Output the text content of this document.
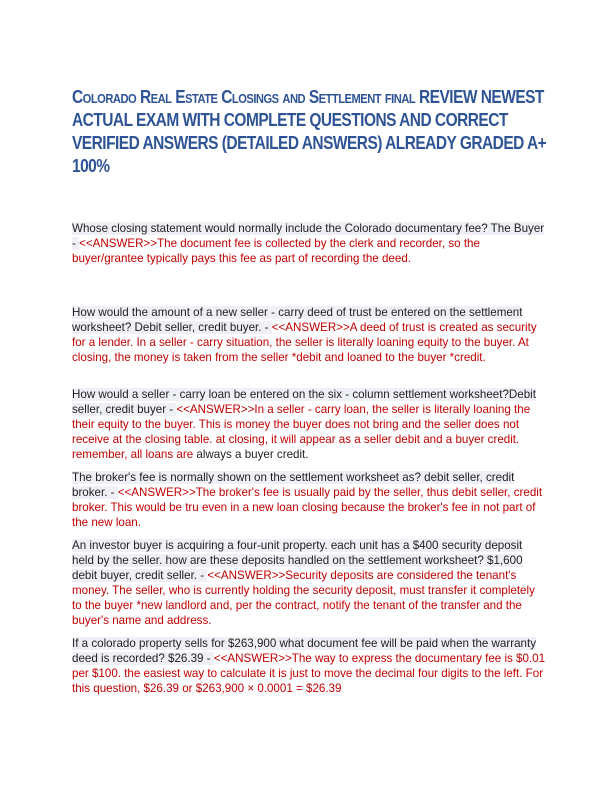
Colorado Real Estate Closings and Settlement final REVIEW NEWEST ACTUAL EXAM WITH COMPLETE QUESTIONS AND CORRECT VERIFIED ANSWERS (DETAILED ANSWERS) ALREADY GRADED A+ 100%
Whose closing statement would normally include the Colorado documentary fee? The Buyer - <<ANSWER>>The document fee is collected by the clerk and recorder, so the buyer/grantee typically pays this fee as part of recording the deed.
How would the amount of a new seller - carry deed of trust be entered on the settlement worksheet? Debit seller, credit buyer. - <<ANSWER>>A deed of trust is created as security for a lender. In a seller - carry situation, the seller is literally loaning equity to the buyer. At closing, the money is taken from the seller *debit and loaned to the buyer *credit.
How would a seller - carry loan be entered on the six - column settlement worksheet?Debit seller, credit buyer - <<ANSWER>>In a seller - carry loan, the seller is literally loaning the their equity to the buyer. This is money the buyer does not bring and the seller does not receive at the closing table. at closing, it will appear as a seller debit and a buyer credit. remember, all loans are always a buyer credit.
The broker's fee is normally shown on the settlement worksheet as? debit seller, credit broker. - <<ANSWER>>The broker's fee is usually paid by the seller, thus debit seller, credit broker. This would be tru even in a new loan closing because the broker's fee in not part of the new loan.
An investor buyer is acquiring a four-unit property. each unit has a $400 security deposit held by the seller. how are these deposits handled on the settlement worksheet? $1,600 debit buyer, credit seller. - <<ANSWER>>Security deposits are considered the tenant's money. The seller, who is currently holding the security deposit, must transfer it completely to the buyer *new landlord and, per the contract, notify the tenant of the transfer and the buyer's name and address.
If a colorado property sells for $263,900 what document fee will be paid when the warranty deed is recorded? $26.39 - <<ANSWER>>The way to express the documentary fee is $0.01 per $100. the easiest way to calculate it is just to move the decimal four digits to the left. For this question, $26.39 or $263,900 × 0.0001 = $26.39
